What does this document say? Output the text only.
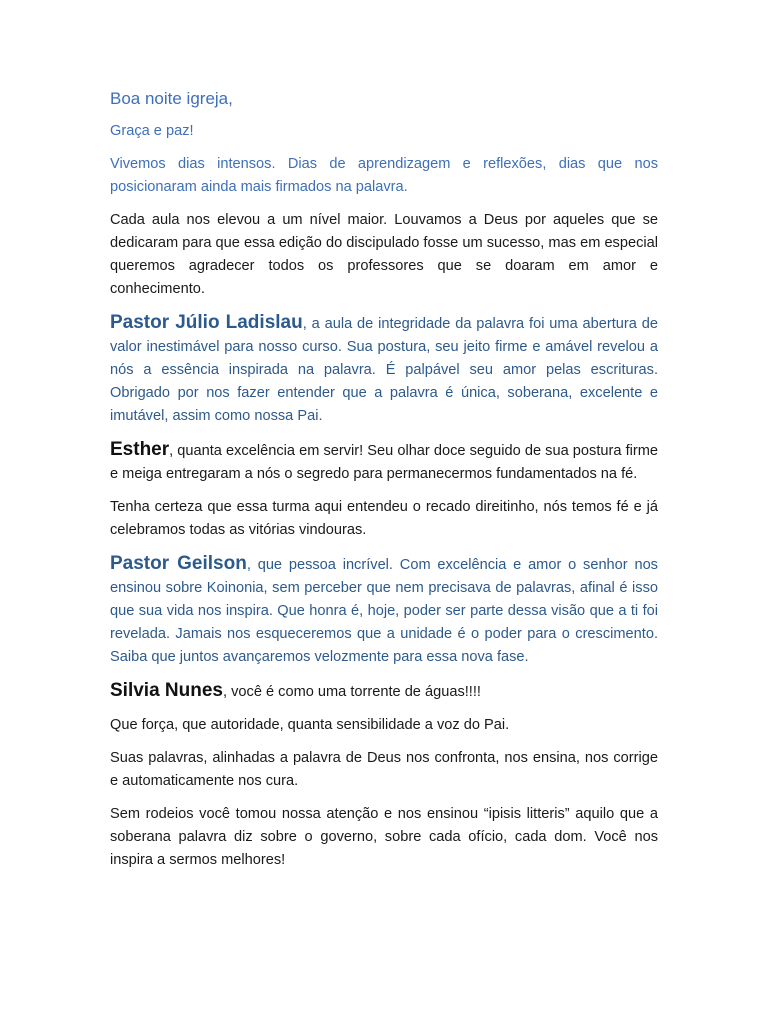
Boa noite igreja,

Graça e paz!

Vivemos dias intensos. Dias de aprendizagem e reflexões, dias que nos posicionaram ainda mais firmados na palavra.

Cada aula nos elevou a um nível maior. Louvamos a Deus por aqueles que se dedicaram para que essa edição do discipulado fosse um sucesso, mas em especial queremos agradecer todos os professores que se doaram em amor e conhecimento.

Pastor Júlio Ladislau, a aula de integridade da palavra foi uma abertura de valor inestimável para nosso curso. Sua postura, seu jeito firme e amável revelou a nós a essência inspirada na palavra. É palpável seu amor pelas escrituras. Obrigado por nos fazer entender que a palavra é única, soberana, excelente e imutável, assim como nossa Pai.

Esther, quanta excelência em servir! Seu olhar doce seguido de sua postura firme e meiga entregaram a nós o segredo para permanecermos fundamentados na fé.

Tenha certeza que essa turma aqui entendeu o recado direitinho, nós temos fé e já celebramos todas as vitórias vindouras.

Pastor Geilson, que pessoa incrível. Com excelência e amor o senhor nos ensinou sobre Koinonia, sem perceber que nem precisava de palavras, afinal é isso que sua vida nos inspira. Que honra é, hoje, poder ser parte dessa visão que a ti foi revelada. Jamais nos esqueceremos que a unidade é o poder para o crescimento. Saiba que juntos avançaremos velozmente para essa nova fase.

Silvia Nunes, você é como uma torrente de águas!!!!

Que força, que autoridade, quanta sensibilidade a voz do Pai.

Suas palavras, alinhadas a palavra de Deus nos confronta, nos ensina, nos corrige e automaticamente nos cura.

Sem rodeios você tomou nossa atenção e nos ensinou “ipisis litteris” aquilo que a soberana palavra diz sobre o governo, sobre cada ofício, cada dom. Você nos inspira a sermos melhores!
